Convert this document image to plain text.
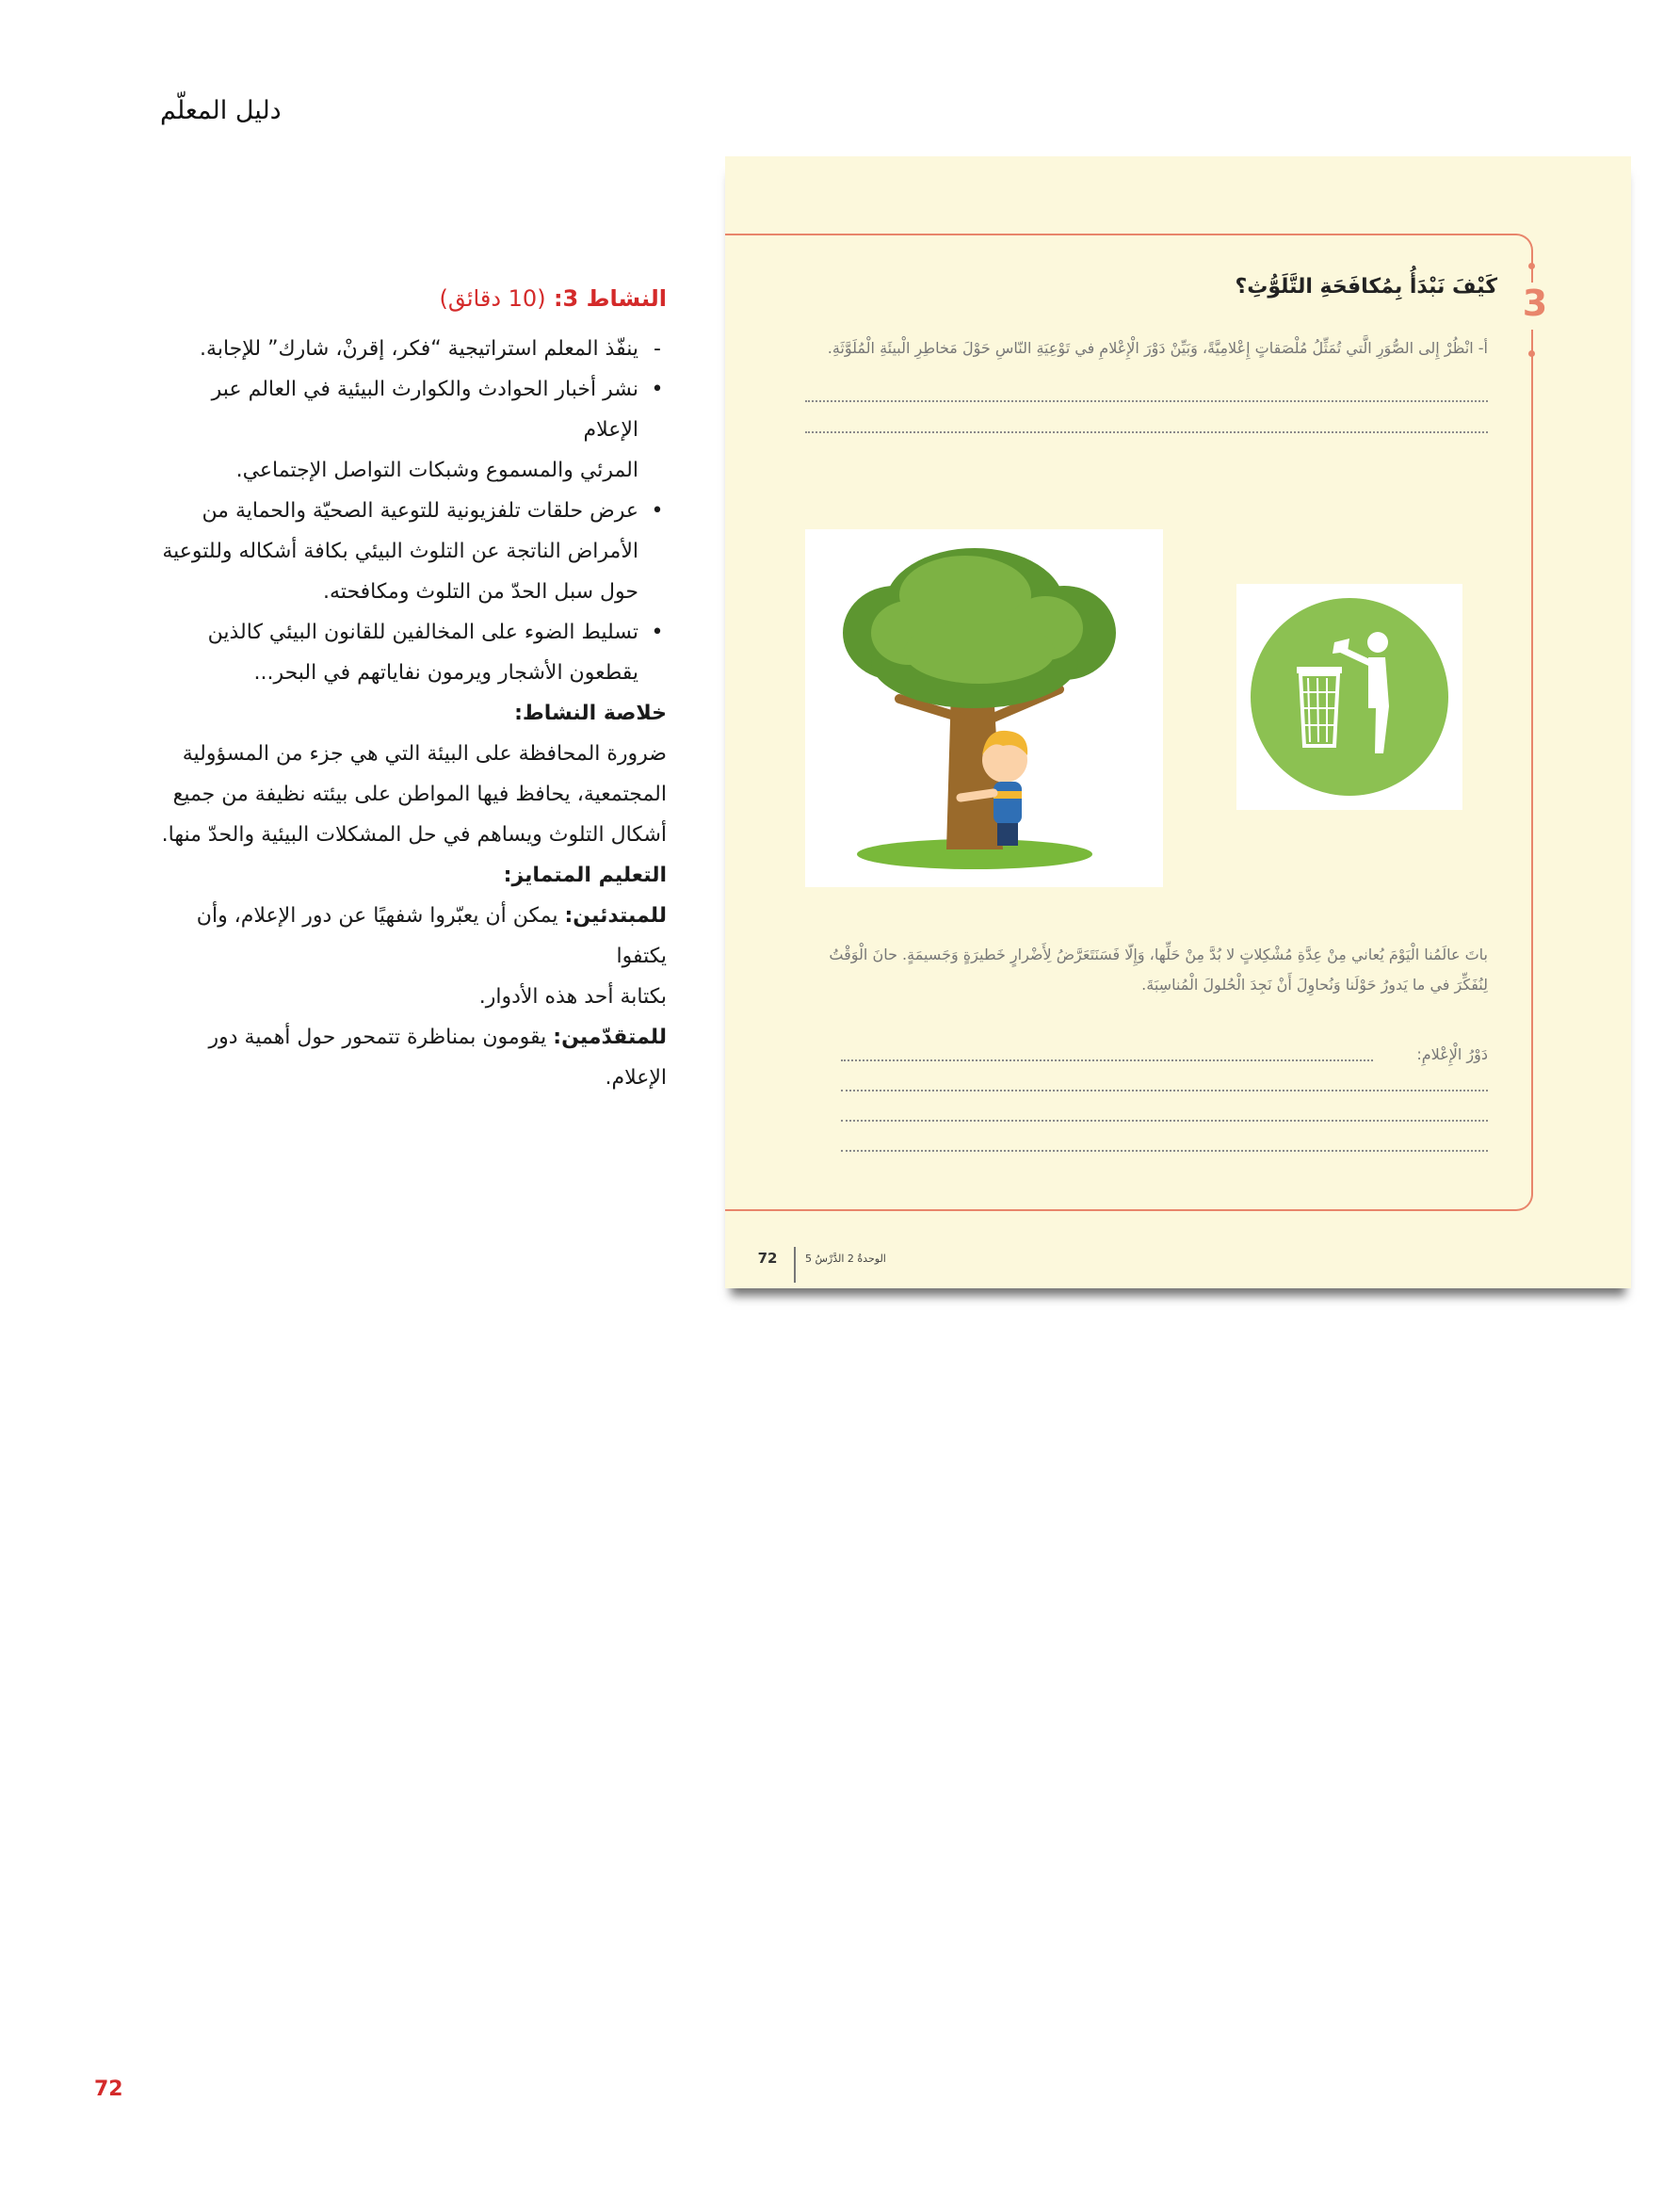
دليل المعلّم
النشاط 3: (10 دقائق)
-
ينفّذ المعلم استراتيجية “فكر، إقرنْ، شارك” للإجابة.
•
نشر أخبار الحوادث والكوارث البيئية في العالم عبر الإعلام
المرئي والمسموع وشبكات التواصل الإجتماعي.
•
عرض حلقات تلفزيونية للتوعية الصحيّة والحماية من
الأمراض الناتجة عن التلوث البيئي بكافة أشكاله وللتوعية
حول سبل الحدّ من التلوث ومكافحته.
•
تسليط الضوء على المخالفين للقانون البيئي كالذين
يقطعون الأشجار ويرمون نفاياتهم في البحر...
خلاصة النشاط:
ضرورة المحافظة على البيئة التي هي جزء من المسؤولية
المجتمعية، يحافظ فيها المواطن على بيئته نظيفة من جميع
أشكال التلوث ويساهم في حل المشكلات البيئية والحدّ منها.
التعليم المتمايز:
للمبتدئين: يمكن أن يعبّروا شفهيًا عن دور الإعلام، وأن يكتفوا
بكتابة أحد هذه الأدوار.
للمتقدّمين: يقومون بمناظرة تتمحور حول أهمية دور الإعلام.
3
كَيْفَ نَبْدَأُ بِمُكافَحَةِ التَّلَوُّثِ؟
أ- انْظُرْ إِلى الصُّوَرِ الَّتي تُمَثِّلُ مُلْصَقاتٍ إِعْلامِيَّةً، وَبَيِّنْ دَوْرَ الْإِعْلامِ في تَوْعِيَةِ النّاسِ حَوْلَ مَخاطِرِ الْبيئَةِ الْمُلَوَّثَةِ.
باتَ عالَمُنا الْيَوْمَ يُعاني مِنْ عِدَّةِ مُشْكِلاتٍ لا بُدَّ مِنْ حَلِّها، وَإِلّا فَسَنَتَعَرَّضُ لِأَضْرارٍ خَطيرَةٍ وَجَسيمَةٍ. حانَ الْوَقْتُ
لِنُفَكِّرَ في ما يَدورُ حَوْلَنا وَنُحاوِلَ أَنْ نَجِدَ الْحُلولَ الْمُناسِبَةَ.
دَوْرُ الْإِعْلامِ:
72	الوحدةُ 2 الدَّرْسُ 5
72
